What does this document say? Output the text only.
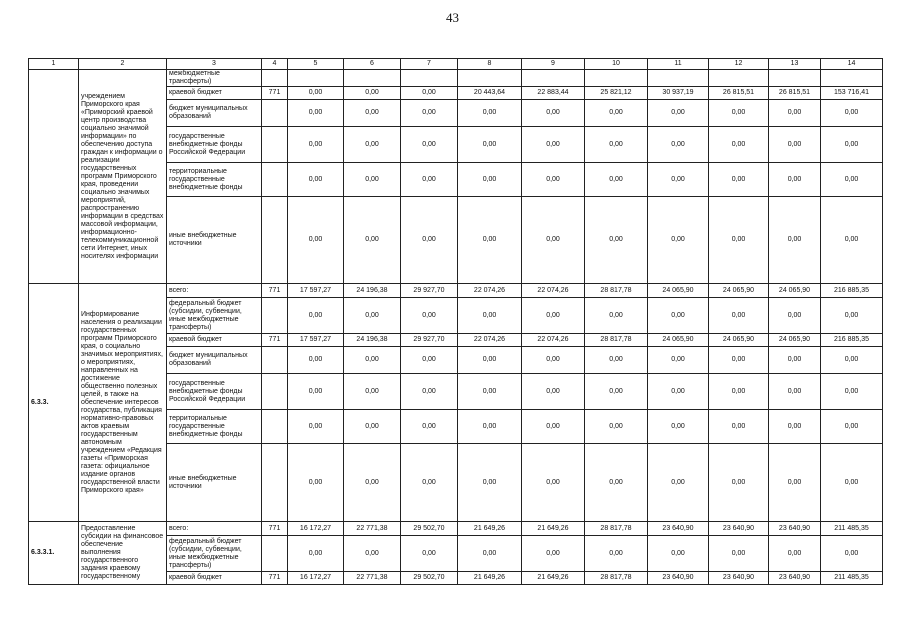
43
1	2	3	4	5	6	7	8	9	10	11	12	13	14
	учреждением Приморского края «Приморский краевой центр производства социально значимой информации» по обеспечению доступа граждан к информации о реализации государственных программ Приморского края, проведении социально значимых мероприятий, распространению информации в средствах массовой информации, информационно-телекоммуникационной сети Интернет, иных носителях информации	межбюджетные трансферты)											
		краевой бюджет	771	0,00	0,00	0,00	20 443,64	22 883,44	25 821,12	30 937,19	26 815,51	26 815,51	153 716,41
		бюджет муниципальных образований		0,00	0,00	0,00	0,00	0,00	0,00	0,00	0,00	0,00	0,00
		государственные внебюджетные фонды Российской Федерации		0,00	0,00	0,00	0,00	0,00	0,00	0,00	0,00	0,00	0,00
		территориальные государственные внебюджетные фонды		0,00	0,00	0,00	0,00	0,00	0,00	0,00	0,00	0,00	0,00
		иные внебюджетные источники		0,00	0,00	0,00	0,00	0,00	0,00	0,00	0,00	0,00	0,00
6.3.3.	Информирование населения о реализации государственных программ Приморского края, о социально значимых мероприятиях, о мероприятиях, направленных на достижение общественно полезных целей, в также на обеспечение интересов государства, публикация нормативно-правовых актов краевым государственным автономным учреждением «Редакция газеты «Приморская газета: официальное издание органов государственной власти Приморского края»	всего:	771	17 597,27	24 196,38	29 927,70	22 074,26	22 074,26	28 817,78	24 065,90	24 065,90	24 065,90	216 885,35
		федеральный бюджет (субсидии, субвенции, иные межбюджетные трансферты)		0,00	0,00	0,00	0,00	0,00	0,00	0,00	0,00	0,00	0,00
		краевой бюджет	771	17 597,27	24 196,38	29 927,70	22 074,26	22 074,26	28 817,78	24 065,90	24 065,90	24 065,90	216 885,35
		бюджет муниципальных образований		0,00	0,00	0,00	0,00	0,00	0,00	0,00	0,00	0,00	0,00
		государственные внебюджетные фонды Российской Федерации		0,00	0,00	0,00	0,00	0,00	0,00	0,00	0,00	0,00	0,00
		территориальные государственные внебюджетные фонды		0,00	0,00	0,00	0,00	0,00	0,00	0,00	0,00	0,00	0,00
		иные внебюджетные источники		0,00	0,00	0,00	0,00	0,00	0,00	0,00	0,00	0,00	0,00
6.3.3.1.	Предоставление субсидии на финансовое обеспечение выполнения государственного задания краевому государственному	всего:	771	16 172,27	22 771,38	29 502,70	21 649,26	21 649,26	28 817,78	23 640,90	23 640,90	23 640,90	211 485,35
		федеральный бюджет (субсидии, субвенции, иные межбюджетные трансферты)		0,00	0,00	0,00	0,00	0,00	0,00	0,00	0,00	0,00	0,00
		краевой бюджет	771	16 172,27	22 771,38	29 502,70	21 649,26	21 649,26	28 817,78	23 640,90	23 640,90	23 640,90	211 485,35
